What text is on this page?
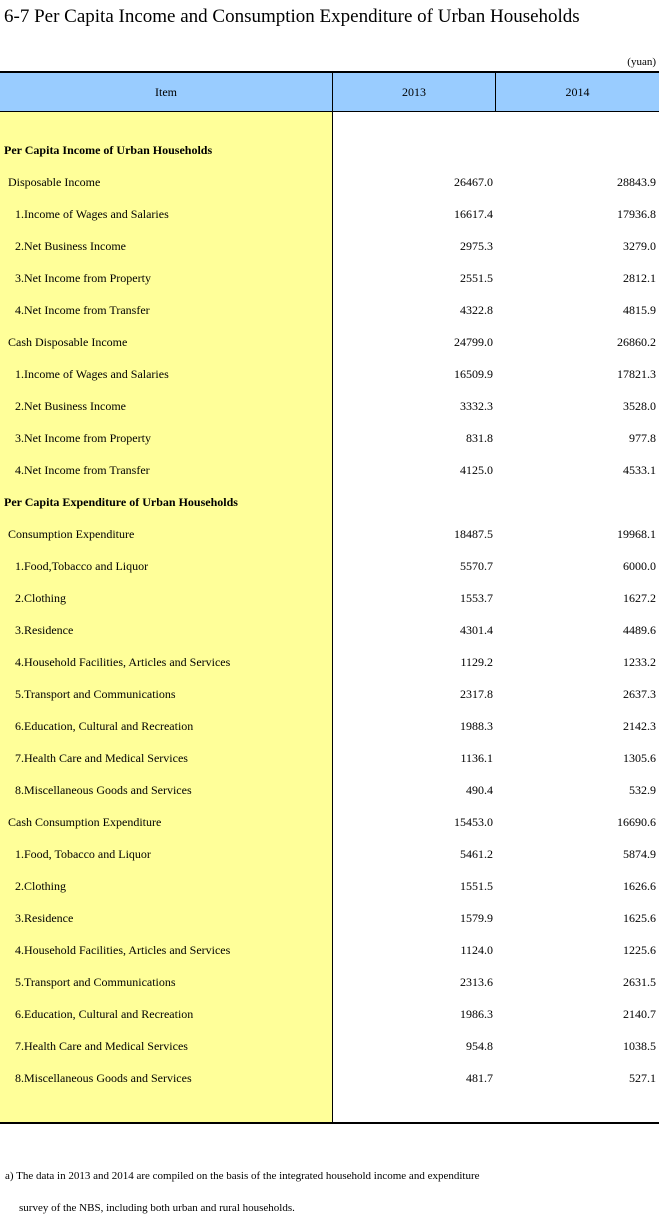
6-7 Per Capita Income and Consumption Expenditure of Urban Households
(yuan)
Item	2013	2014
Per Capita Income of Urban Households
Disposable Income	26467.0	28843.9
1.Income of Wages and Salaries	16617.4	17936.8
2.Net Business Income	2975.3	3279.0
3.Net Income from Property	2551.5	2812.1
4.Net Income from Transfer	4322.8	4815.9
Cash Disposable Income	24799.0	26860.2
1.Income of Wages and Salaries	16509.9	17821.3
2.Net Business Income	3332.3	3528.0
3.Net Income from Property	831.8	977.8
4.Net Income from Transfer	4125.0	4533.1
Per Capita Expenditure of Urban Households
Consumption Expenditure	18487.5	19968.1
1.Food,Tobacco and Liquor	5570.7	6000.0
2.Clothing	1553.7	1627.2
3.Residence	4301.4	4489.6
4.Household Facilities, Articles and Services	1129.2	1233.2
5.Transport and Communications	2317.8	2637.3
6.Education, Cultural and Recreation	1988.3	2142.3
7.Health Care and Medical Services	1136.1	1305.6
8.Miscellaneous Goods and Services	490.4	532.9
Cash Consumption Expenditure	15453.0	16690.6
1.Food, Tobacco and Liquor	5461.2	5874.9
2.Clothing	1551.5	1626.6
3.Residence	1579.9	1625.6
4.Household Facilities, Articles and Services	1124.0	1225.6
5.Transport and Communications	2313.6	2631.5
6.Education, Cultural and Recreation	1986.3	2140.7
7.Health Care and Medical Services	954.8	1038.5
8.Miscellaneous Goods and Services	481.7	527.1
a) The data in 2013 and 2014 are compiled on the basis of the integrated household income and expenditure
survey of the NBS, including both urban and rural households.
